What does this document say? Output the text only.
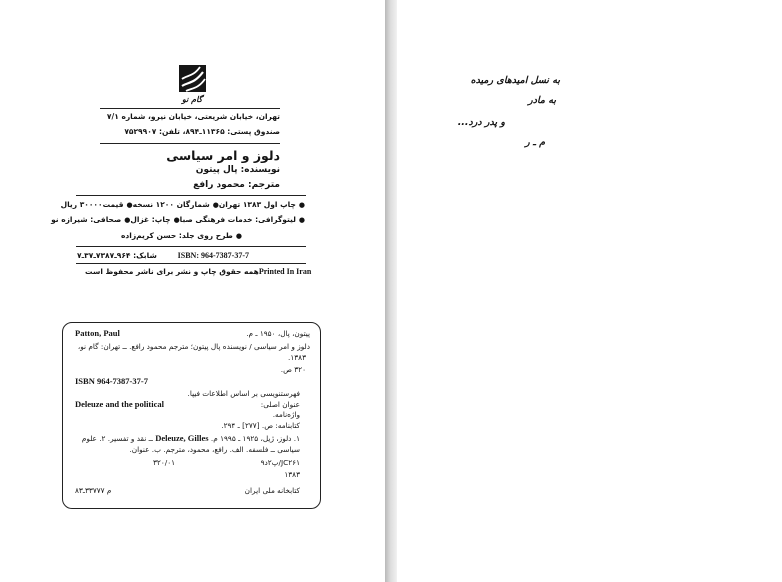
گام نو
تهران، خیابان شریعتی، خیابان نیرو، شماره ۷/۱
صندوق پستی: ۱۱۳۶۵ـ۸۹۴، تلفن: ۷۵۲۹۹۰۷
دلوز و امر سیاسی
نویسنده: پال پیتون
مترجم: محمود رافع
● چاپ اول ۱۳۸۳ تهران
● شمارگان ۱۲۰۰ نسخه
● قیمت۳۰۰۰۰ ریال
● لیتوگرافی: خدمات فرهنگی صبا
● چاپ: غزال
● صحافی: شیرازه نو
● طرح روی جلد: حسن کریم‌زاده
شابک: ۹۶۴ـ۷۳۸۷ـ۳۷ـ۷	ISBN: 964-7387-37-7
همه حقوق چاپ و نشر برای ناشر محفوظ است Printed In Iran
Patton, Paul	پیتون، پال، ۱۹۵۰ ـ م.
دلوز و امر سیاسی / نویسنده پال پیتون؛ مترجم محمود رافع. ــ تهران: گام نو،
۱۳۸۳.
۳۲۰ ص.
ISBN 964-7387-37-7
فهرستنویسی بر اساس اطلاعات فیپا.
Deleuze and the political	عنوان اصلی:
واژه‌نامه.
کتابنامه: ص. [۲۷۷] ـ ۲۹۴.
۱. دلوز، ژیل، ۱۹۲۵ ـ ۱۹۹۵ م. Deleuze, Gilles ــ نقد و تفسیر. ۲. علوم
سیاسی ــ فلسفه. الف. رافع، محمود، مترجم. ب. عنوان.
۹د۲پ/JC۲۶۱
۳۲۰/۰۱
۱۳۸۳
کتابخانه ملی ایران
۸۳ـ۳۳۷۷۷ م
به نسل امیدهای رمیده
به مادر
و پدر درد...
م ـ ر
